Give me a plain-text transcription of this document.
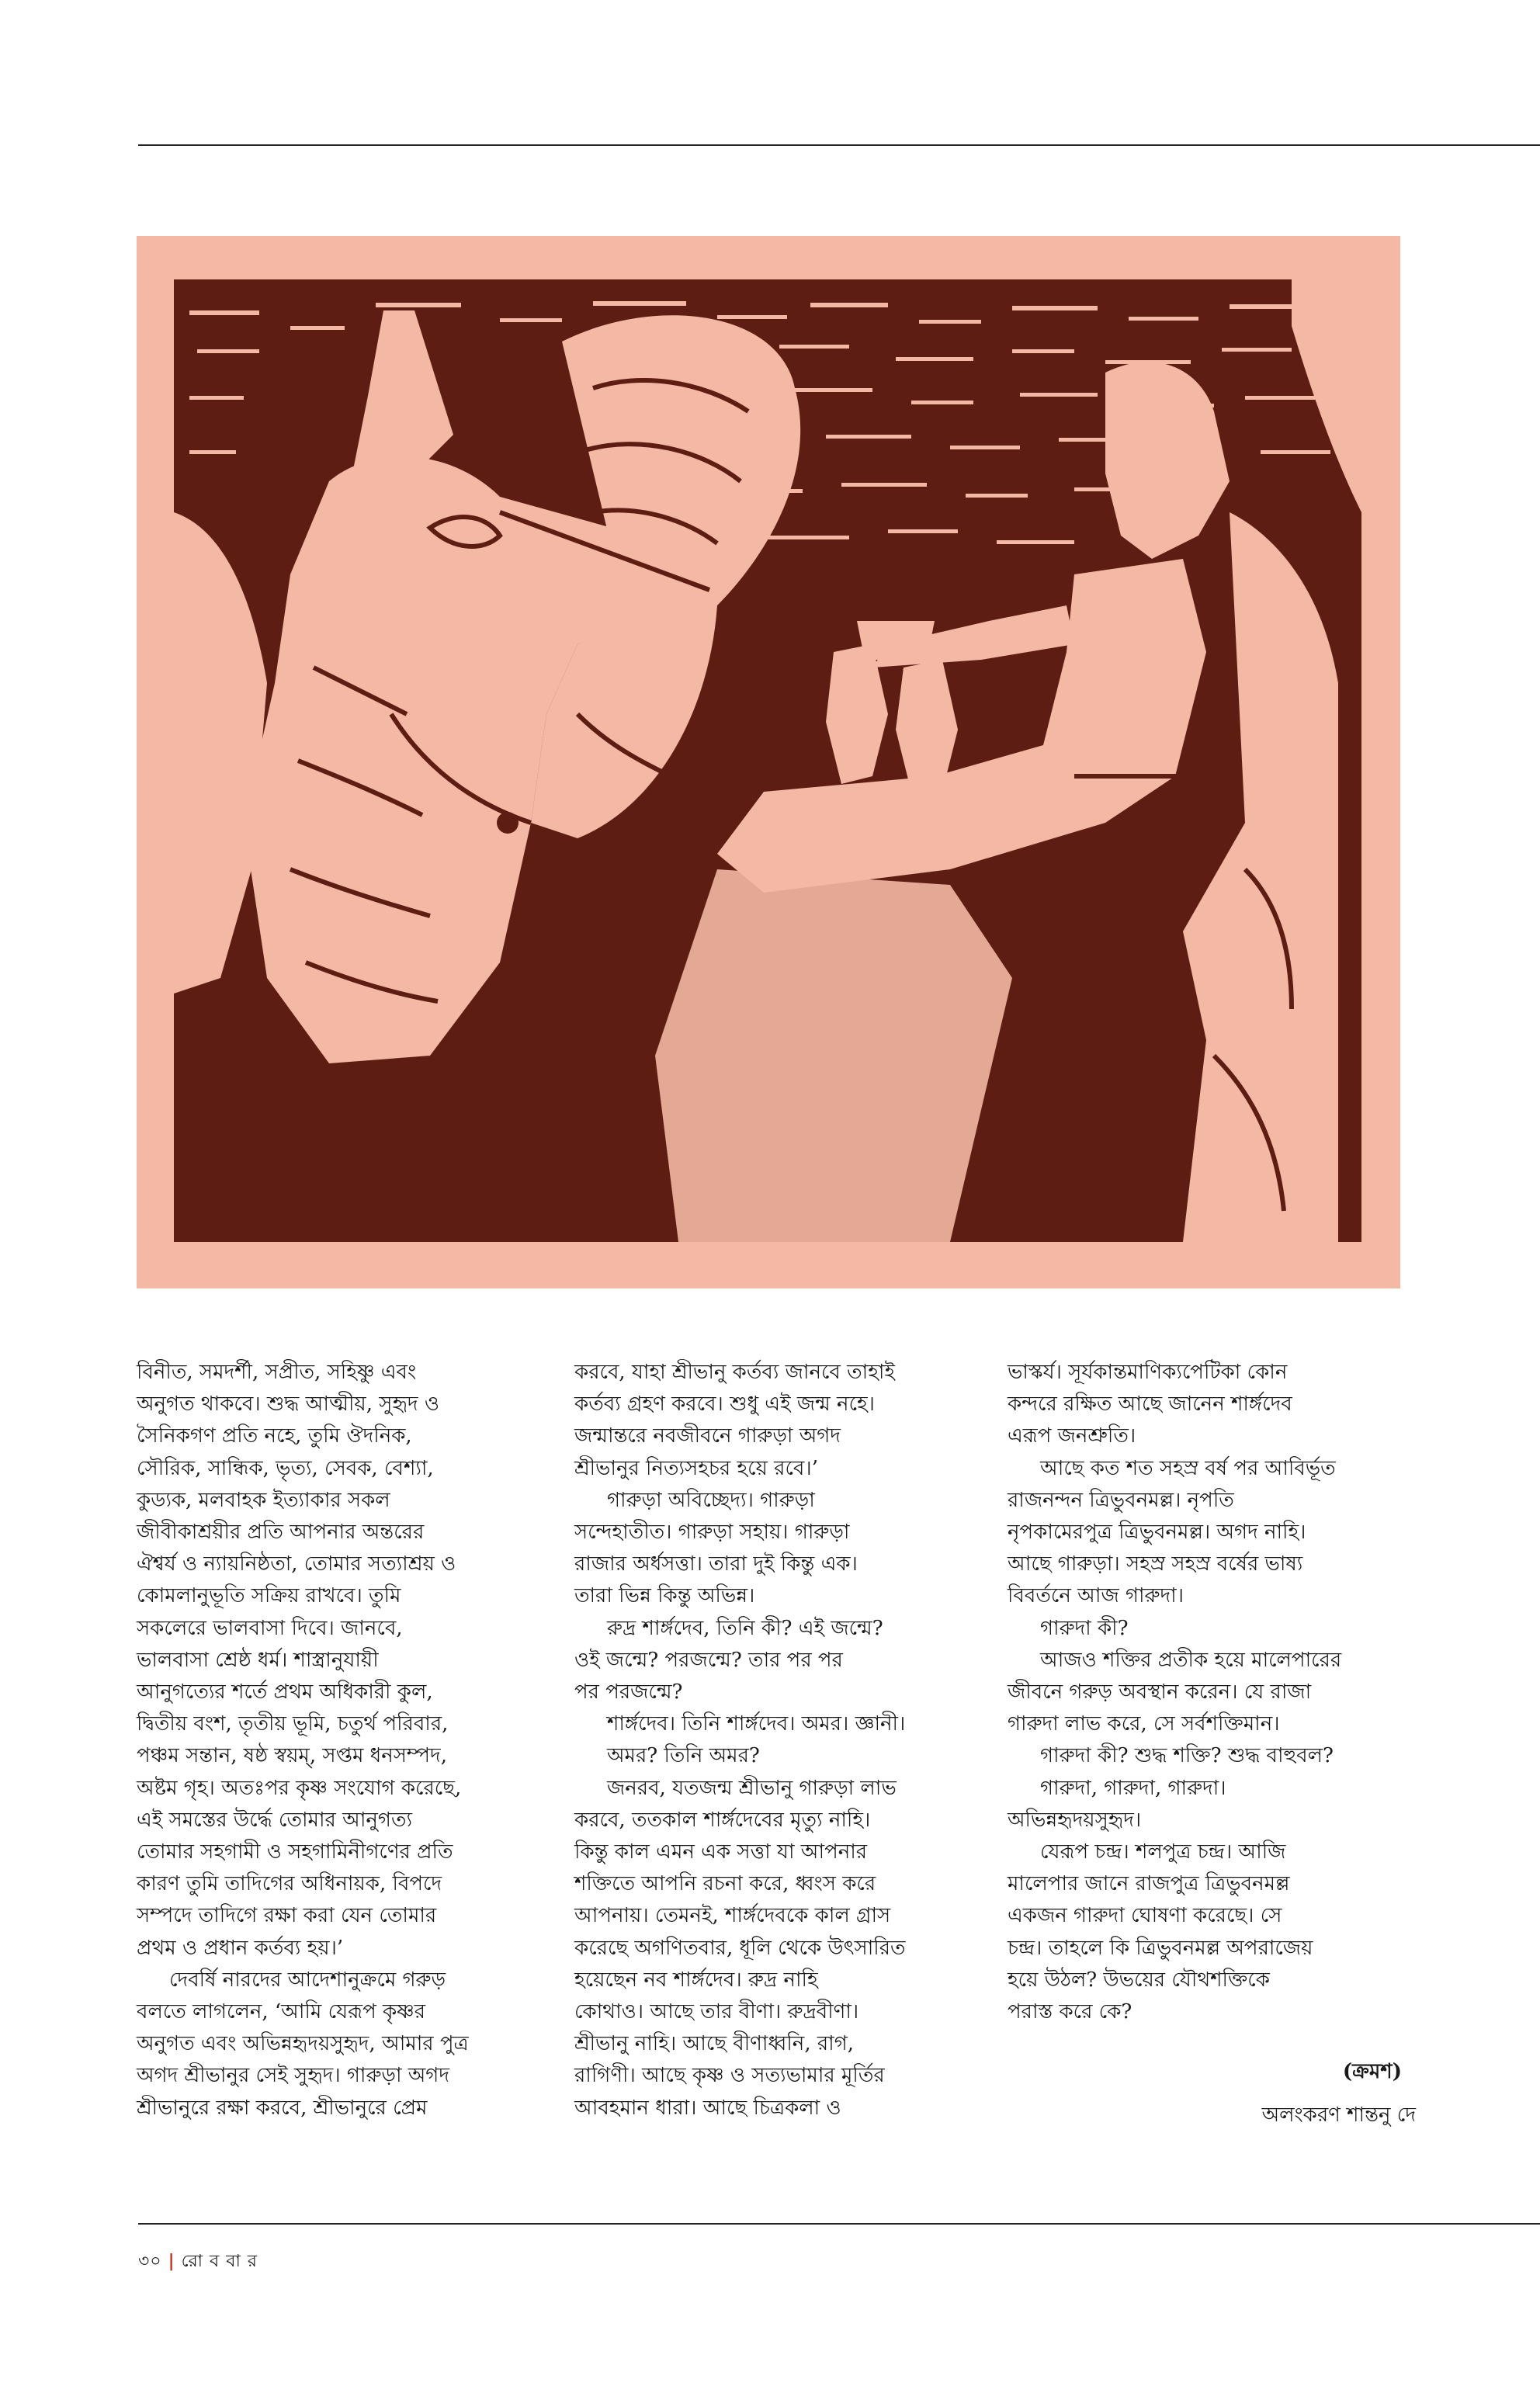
বিনীত, সমদর্শী, সপ্রীত, সহিষ্ণু এবং
অনুগত থাকবে। শুদ্ধ আত্মীয়, সুহৃদ ও
সৈনিকগণ প্রতি নহে, তুমি ঔদনিক,
সৌরিক, সান্ধিক, ভৃত্য, সেবক, বেশ্যা,
কুড্যক, মলবাহক ইত্যাকার সকল
জীবীকাশ্রয়ীর প্রতি আপনার অন্তরের
ঐশ্বর্য ও ন্যায়নিষ্ঠতা, তোমার সত্যাশ্রয় ও
কোমলানুভূতি সক্রিয় রাখবে। তুমি
সকলেরে ভালবাসা দিবে। জানবে,
ভালবাসা শ্রেষ্ঠ ধর্ম। শাস্ত্রানুযায়ী
আনুগত্যের শর্তে প্রথম অধিকারী কুল,
দ্বিতীয় বংশ, তৃতীয় ভূমি, চতুর্থ পরিবার,
পঞ্চম সন্তান, ষষ্ঠ স্বয়ম্, সপ্তম ধনসম্পদ,
অষ্টম গৃহ। অতঃপর কৃষ্ণ সংযোগ করেছে,
এই সমস্তের উর্দ্ধে তোমার আনুগত্য
তোমার সহগামী ও সহগামিনীগণের প্রতি
কারণ তুমি তাদিগের অধিনায়ক, বিপদে
সম্পদে তাদিগে রক্ষা করা যেন তোমার
প্রথম ও প্রধান কর্তব্য হয়।’

দেবর্ষি নারদের আদেশানুক্রমে গরুড়
বলতে লাগলেন, ‘আমি যেরূপ কৃষ্ণর
অনুগত এবং অভিন্নহৃদয়সুহৃদ, আমার পুত্র
অগদ শ্রীভানুর সেই সুহৃদ। গারুড়া অগদ
শ্রীভানুরে রক্ষা করবে, শ্রীভানুরে প্রেম

করবে, যাহা শ্রীভানু কর্তব্য জানবে তাহাই
কর্তব্য গ্রহণ করবে। শুধু এই জন্ম নহে।
জন্মান্তরে নবজীবনে গারুড়া অগদ
শ্রীভানুর নিত্যসহচর হয়ে রবে।’

গারুড়া অবিচ্ছেদ্য। গারুড়া
সন্দেহাতীত। গারুড়া সহায়। গারুড়া
রাজার অর্ধসত্তা। তারা দুই কিন্তু এক।
তারা ভিন্ন কিন্তু অভিন্ন।

রুদ্র শার্ঙ্গদেব, তিনি কী? এই জন্মে?
ওই জন্মে? পরজন্মে? তার পর পর
পর পরজন্মে?

শার্ঙ্গদেব। তিনি শার্ঙ্গদেব। অমর। জ্ঞানী।

অমর? তিনি অমর?

জনরব, যতজন্ম শ্রীভানু গারুড়া লাভ
করবে, ততকাল শার্ঙ্গদেবের মৃত্যু নাহি।
কিন্তু কাল এমন এক সত্তা যা আপনার
শক্তিতে আপনি রচনা করে, ধ্বংস করে
আপনায়। তেমনই, শার্ঙ্গদেবকে কাল গ্রাস
করেছে অগণিতবার, ধূলি থেকে উৎসারিত
হয়েছেন নব শার্ঙ্গদেব। রুদ্র নাহি
কোথাও। আছে তার বীণা। রুদ্রবীণা।
শ্রীভানু নাহি। আছে বীণাধ্বনি, রাগ,
রাগিণী। আছে কৃষ্ণ ও সত্যভামার মূর্তির
আবহমান ধারা। আছে চিত্রকলা ও

ভাস্কর্য। সূর্যকান্তমাণিক্যপেটিকা কোন
কন্দরে রক্ষিত আছে জানেন শার্ঙ্গদেব
এরূপ জনশ্রুতি।

আছে কত শত সহস্র বর্ষ পর আবির্ভূত
রাজনন্দন ত্রিভুবনমল্ল। নৃপতি
নৃপকামেরপুত্র ত্রিভুবনমল্ল। অগদ নাহি।
আছে গারুড়া। সহস্র সহস্র বর্ষের ভাষ্য
বিবর্তনে আজ গারুদা।

গারুদা কী?

আজও শক্তির প্রতীক হয়ে মালেপারের
জীবনে গরুড় অবস্থান করেন। যে রাজা
গারুদা লাভ করে, সে সর্বশক্তিমান।

গারুদা কী? শুদ্ধ শক্তি? শুদ্ধ বাহুবল?

গারুদা, গারুদা, গারুদা।
অভিন্নহৃদয়সুহৃদ।

যেরূপ চন্দ্র। শলপুত্র চন্দ্র। আজি
মালেপার জানে রাজপুত্র ত্রিভুবনমল্ল
একজন গারুদা ঘোষণা করেছে। সে
চন্দ্র। তাহলে কি ত্রিভুবনমল্ল অপরাজেয়
হয়ে উঠল? উভয়ের যৌথশক্তিকে
পরাস্ত করে কে?

(ক্রমশ)
অলংকরণ শান্তনু দে
৩০ | রো ব বা র
